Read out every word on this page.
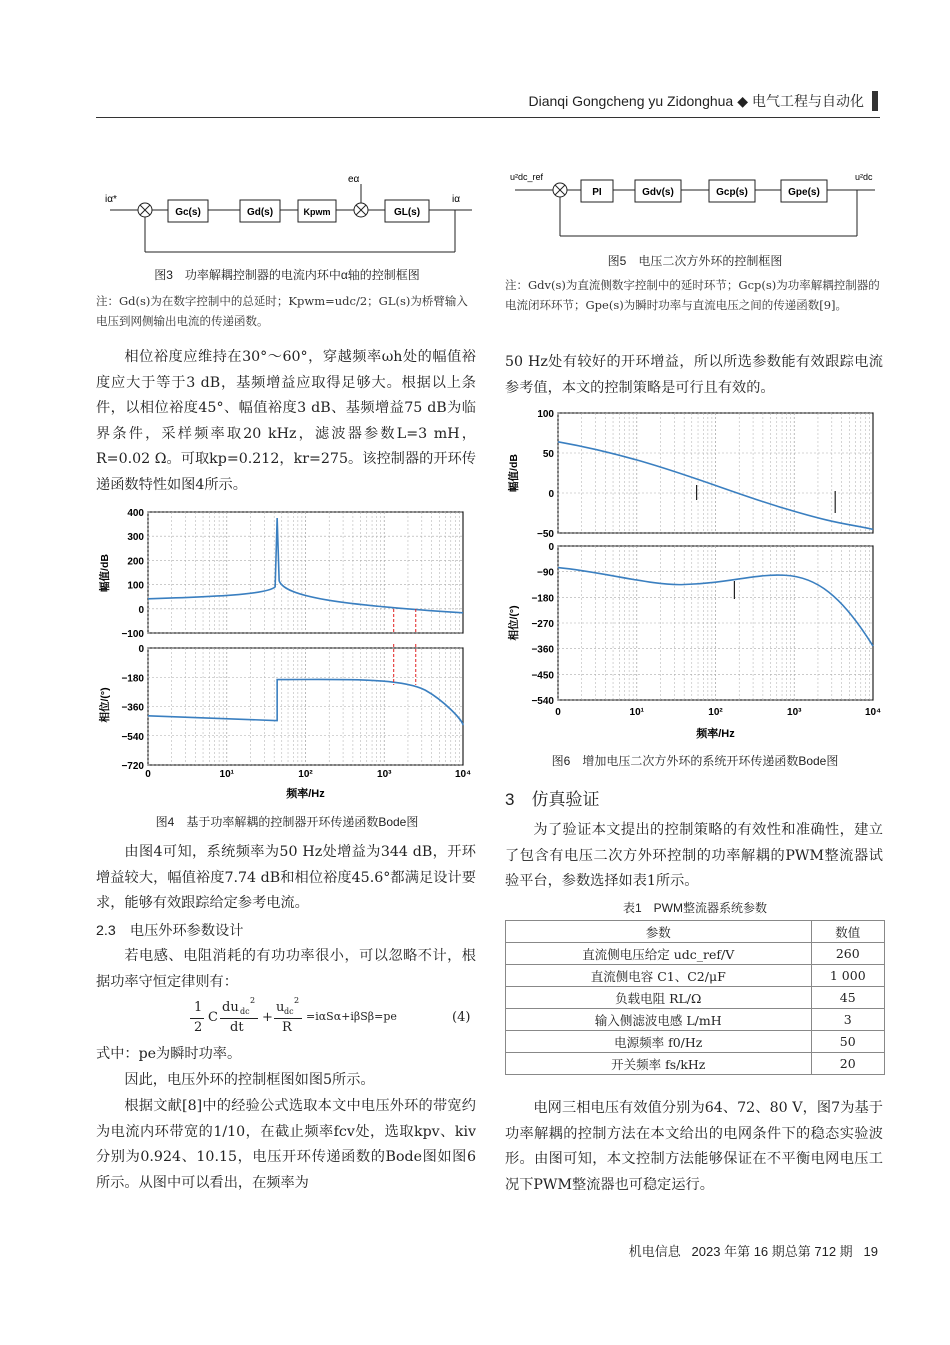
Dianqi Gongcheng yu Zidonghua ◆ 电气工程与自动化
iα*
eα
iα
Gc(s)	Gd(s)	Kpwm	GL(s)
图3　功率解耦控制器的电流内环中α轴的控制框图
注：Gd(s)为在数字控制中的总延时；Kpwm=udc/2；GL(s)为桥臂输入电压到网侧输出电流的传递函数。

相位裕度应维持在30°～60°，穿越频率ωh处的幅值裕度应大于等于3 dB，基频增益应取得足够大。根据以上条件，以相位裕度45°、幅值裕度3 dB、基频增益75 dB为临界条件，采样频率取20 kHz，滤波器参数L=3 mH，R=0.02 Ω。可取kp=0.212，kr=275。该控制器的开环传递函数特性如图4所示。

400
300
200
100
0
−100
0
−180
−360
−540
−720
0	10¹	10²	10³	10⁴
频率/Hz
幅值/dB
相位/(°)
图4　基于功率解耦的控制器开环传递函数Bode图

由图4可知，系统频率为50 Hz处增益为344 dB，开环增益较大，幅值裕度7.74 dB和相位裕度45.6°都满足设计要求，能够有效跟踪给定参考电流。

2.3　电压外环参数设计

若电感、电阻消耗的有功功率很小，可以忽略不计，根据功率守恒定律则有：

1
2
C
du dc
2
dt
+
u dc
2
R
=iαSα+iβSβ=pe	(4)

式中：pe为瞬时功率。

因此，电压外环的控制框图如图5所示。

根据文献[8]中的经验公式选取本文中电压外环的带宽约为电流内环带宽的1/10，在截止频率fcv处，选取kpv、kiv分别为0.924、10.15，电压开环传递函数的Bode图如图6所示。从图中可以看出，在频率为

u²dc_ref	u²dc
PI	Gdv(s)	Gcp(s)	Gpe(s)
图5　电压二次方外环的控制框图
注：Gdv(s)为直流侧数字控制中的延时环节；Gcp(s)为功率解耦控制器的电流闭环环节；Gpe(s)为瞬时功率与直流电压之间的传递函数[9]。

50 Hz处有较好的开环增益，所以所选参数能有效跟踪电流参考值，本文的控制策略是可行且有效的。

100
50
0
−50
0
−90
−180
−270
−360
−450
−540
0	10¹	10²	10³	10⁴
频率/Hz
幅值/dB
相位/(°)
图6　增加电压二次方外环的系统开环传递函数Bode图
3　仿真验证

为了验证本文提出的控制策略的有效性和准确性，建立了包含有电压二次方外环控制的功率解耦的PWM整流器试验平台，参数选择如表1所示。

表1　PWM整流器系统参数
参数	数值
直流侧电压给定 udc_ref/V	260
直流侧电容 C1、C2/μF	1 000
负载电阻 RL/Ω	45
输入侧滤波电感 L/mH	3
电源频率 f0/Hz	50
开关频率 fs/kHz	20

电网三相电压有效值分别为64、72、80 V，图7为基于功率解耦的控制方法在本文给出的电网条件下的稳态实验波形。由图可知，本文控制方法能够保证在不平衡电网电压工况下PWM整流器也可稳定运行。

机电信息 2023 年第 16 期总第 712 期 19
